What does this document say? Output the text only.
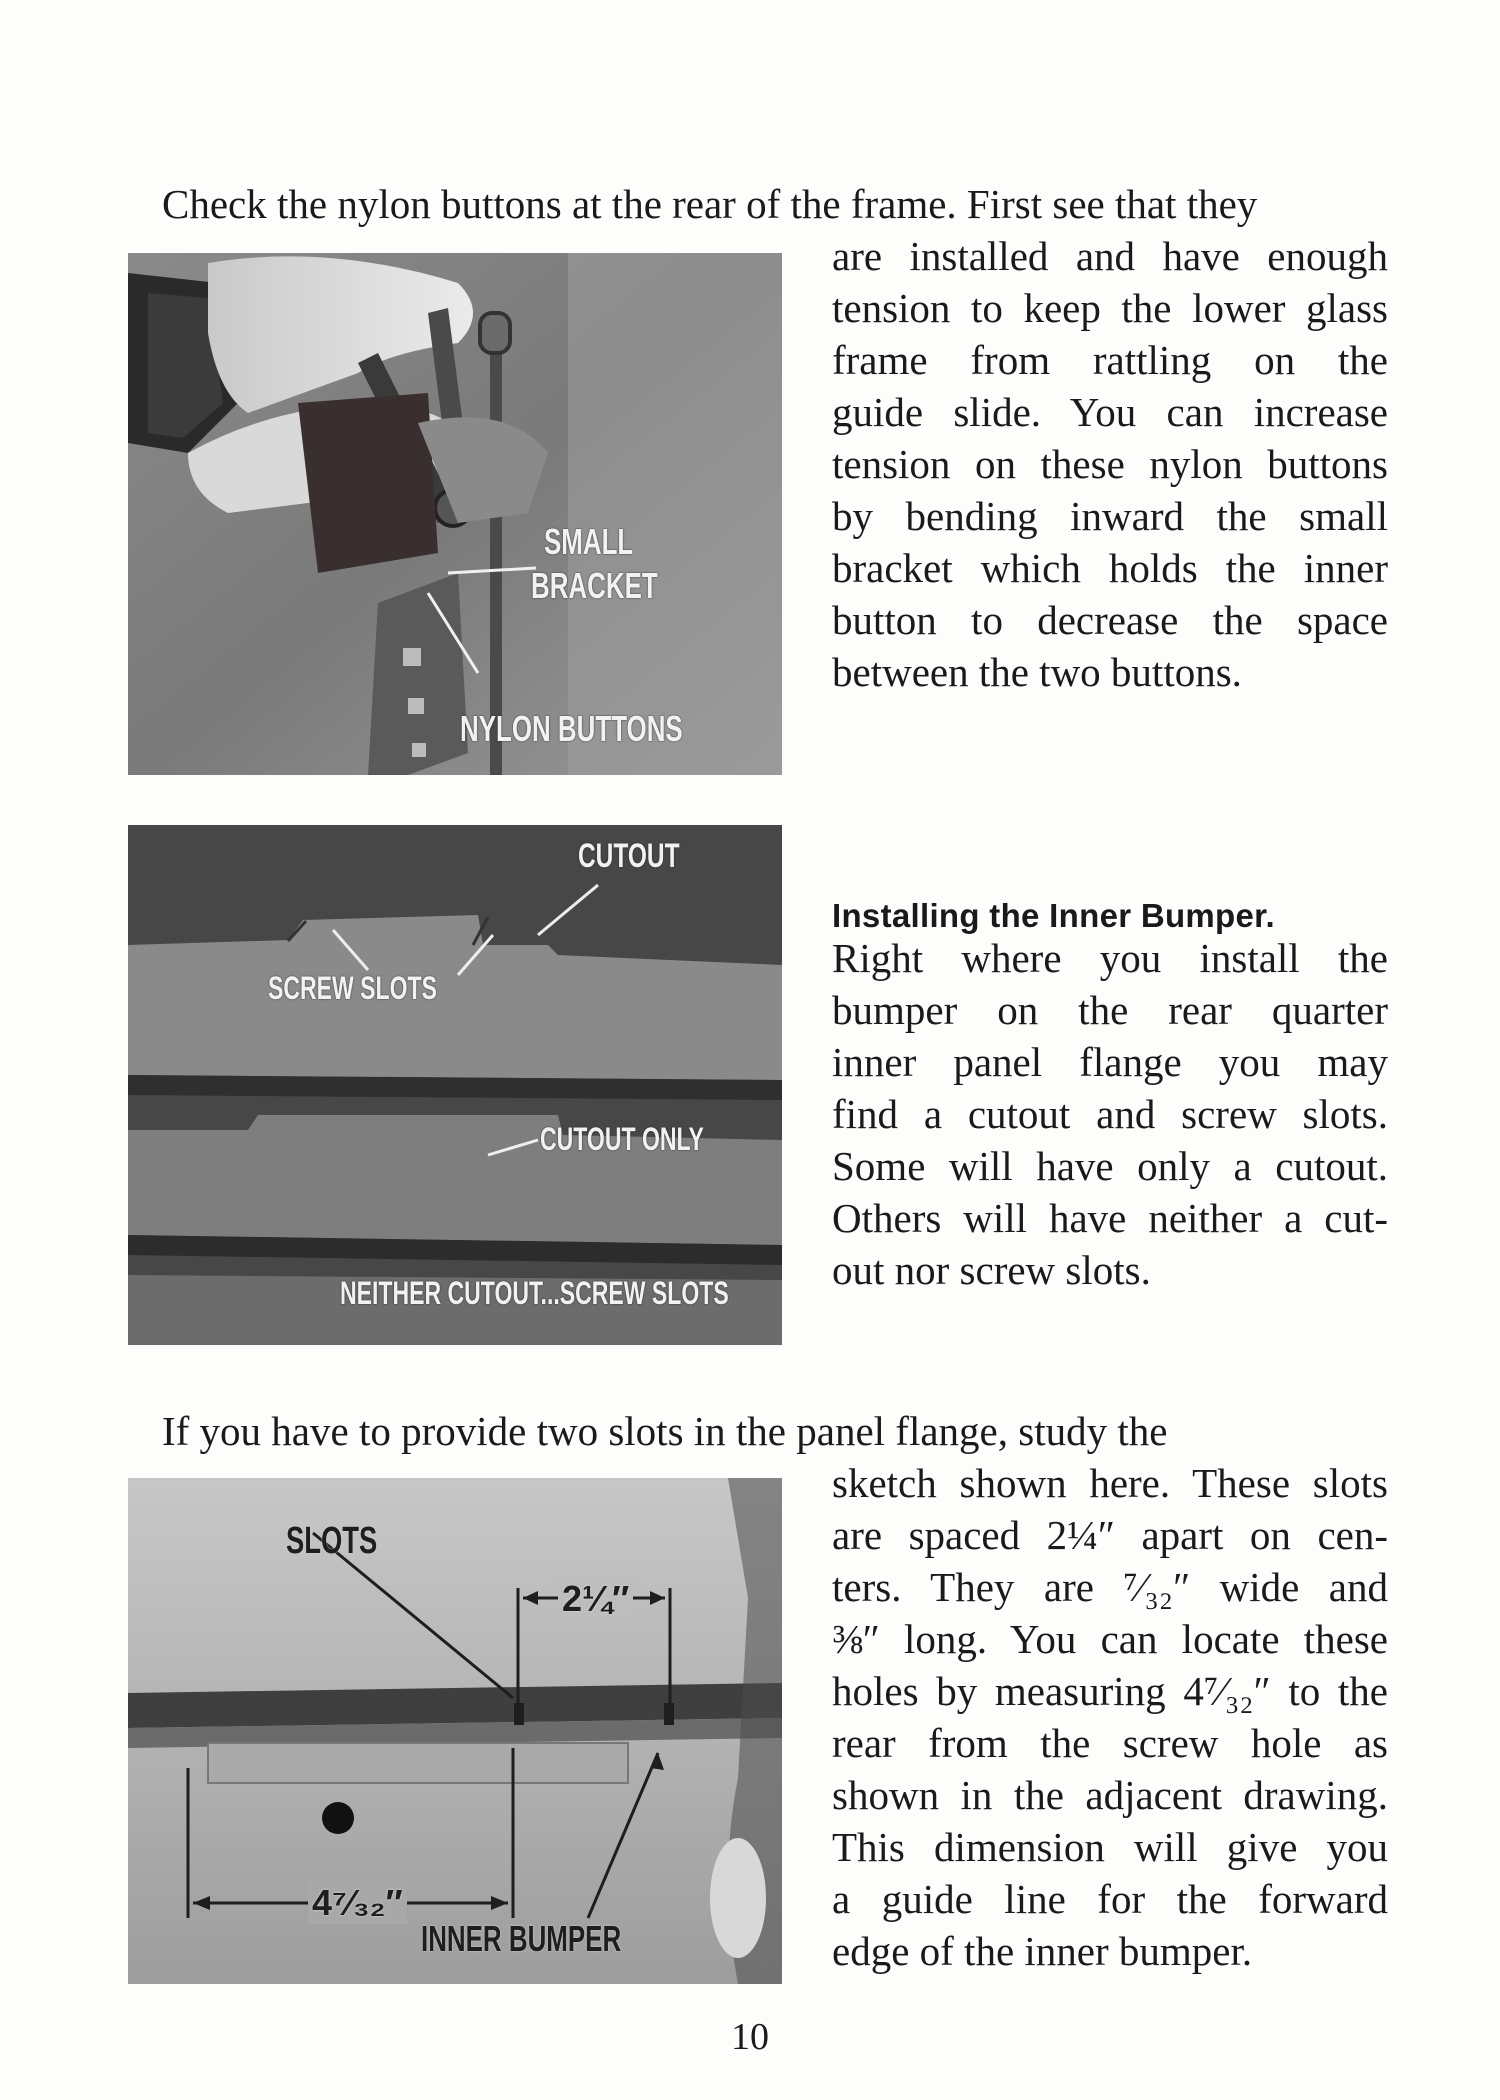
Check the nylon buttons at the rear of the frame. First see that they

SMALL
BRACKET
NYLON BUTTONS

are installed and have enough

tension to keep the lower glass

frame from rattling on the

guide slide. You can increase

tension on these nylon buttons

by bending inward the small

bracket which holds the inner

button to decrease the space

between the two buttons.

CUTOUT
SCREW SLOTS
CUTOUT ONLY
NEITHER CUTOUT...SCREW SLOTS

Installing the Inner Bumper.

Right where you install the

bumper on the rear quarter

inner panel flange you may

find a cutout and screw slots.

Some will have only a cutout.

Others will have neither a cut-

out nor screw slots.

If you have to provide two slots in the panel flange, study the

SLOTS
2¼″
4⁷⁄₃₂″
INNER BUMPER

sketch shown here. These slots

are spaced 2¼″ apart on cen-

ters. They are ⁷⁄₃₂″ wide and

⅜″ long. You can locate these

holes by measuring 4⁷⁄₃₂″ to the

rear from the screw hole as

shown in the adjacent drawing.

This dimension will give you

a guide line for the forward

edge of the inner bumper.

10
